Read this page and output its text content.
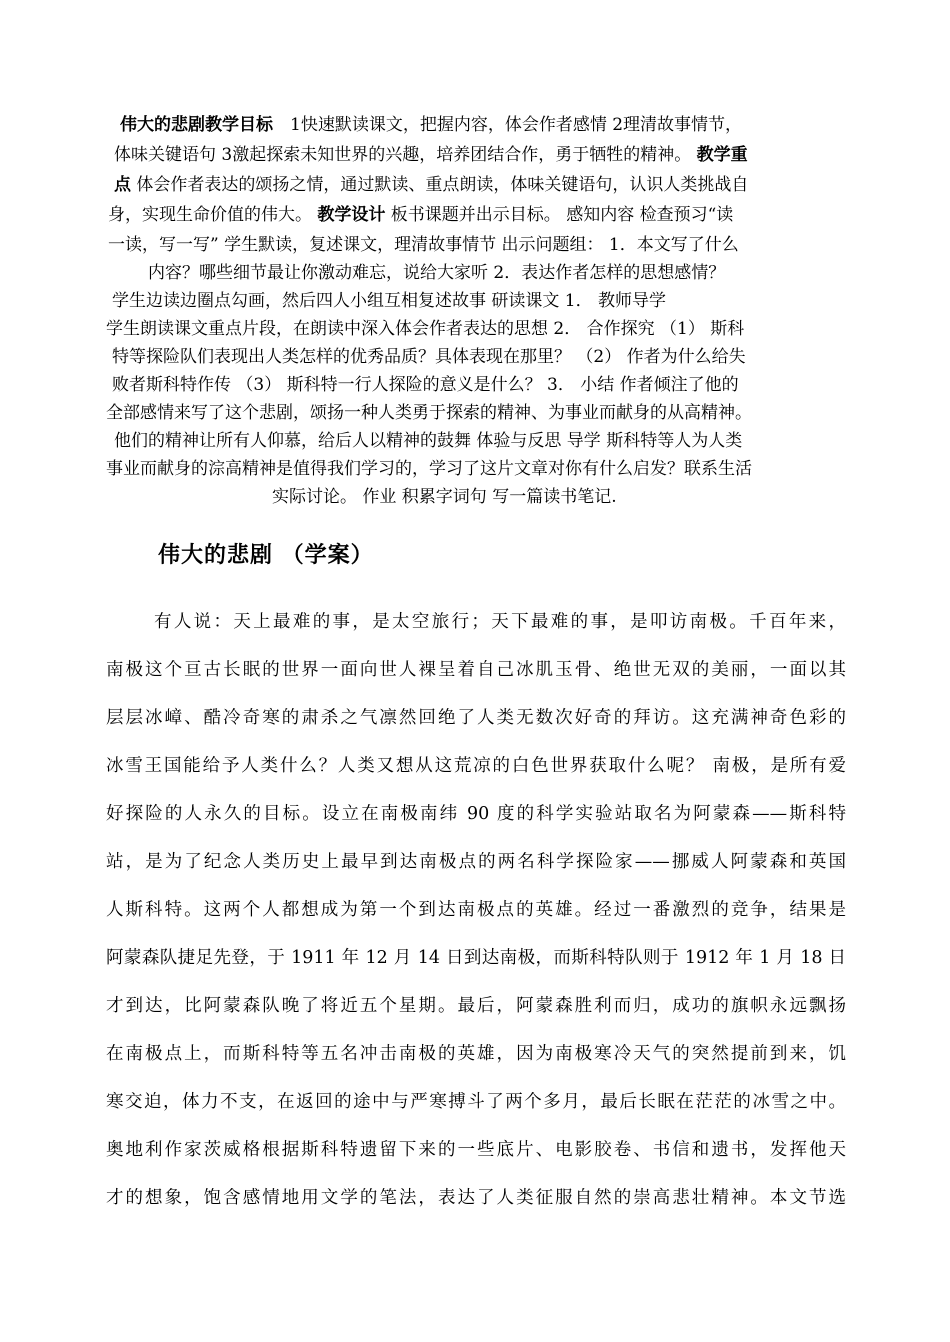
伟大的悲剧教学目标　1快速默读课文，把握内容，体会作者感情 2理清故事情节，
体味关键语句 3激起探索未知世界的兴趣，培养团结合作，勇于牺牲的精神。 教学重
点 体会作者表达的颂扬之情，通过默读、重点朗读，体味关键语句，认识人类挑战自
身，实现生命价值的伟大。 教学设计 板书课题并出示目标。 感知内容 检查预习“读
一读，写一写” 学生默读，复述课文，理清故事情节 出示问题组： 1．本文写了什么
内容？哪些细节最让你激动难忘，说给大家听 2．表达作者怎样的思想感情？
学生边读边圈点勾画，然后四人小组互相复述故事 研读课文 1． 教师导学
学生朗读课文重点片段，在朗读中深入体会作者表达的思想 2． 合作探究 （1） 斯科
特等探险队们表现出人类怎样的优秀品质？具体表现在那里？ （2） 作者为什么给失
败者斯科特作传 （3） 斯科特一行人探险的意义是什么？ 3． 小结 作者倾注了他的
全部感情来写了这个悲剧，颂扬一种人类勇于探索的精神、为事业而献身的从高精神。
他们的精神让所有人仰慕，给后人以精神的鼓舞 体验与反思 导学 斯科特等人为人类
事业而献身的淙高精神是值得我们学习的，学习了这片文章对你有什么启发？联系生活
实际讨论。 作业 积累字词句 写一篇读书笔记.
伟大的悲剧 （学案）
有人说：天上最难的事，是太空旅行；天下最难的事，是叩访南极。千百年来，
南极这个亘古长眠的世界一面向世人裸呈着自己冰肌玉骨、绝世无双的美丽，一面以其
层层冰嶂、酷冷奇寒的肃杀之气凛然回绝了人类无数次好奇的拜访。这充满神奇色彩的
冰雪王国能给予人类什么？人类又想从这荒凉的白色世界获取什么呢？ 南极，是所有爱
好探险的人永久的目标。设立在南极南纬 90 度的科学实验站取名为阿蒙森——斯科特
站，是为了纪念人类历史上最早到达南极点的两名科学探险家——挪威人阿蒙森和英国
人斯科特。这两个人都想成为第一个到达南极点的英雄。经过一番激烈的竞争，结果是
阿蒙森队捷足先登，于 1911 年 12 月 14 日到达南极，而斯科特队则于 1912 年 1 月 18 日
才到达，比阿蒙森队晚了将近五个星期。最后，阿蒙森胜利而归，成功的旗帜永远飘扬
在南极点上，而斯科特等五名冲击南极的英雄，因为南极寒冷天气的突然提前到来，饥
寒交迫，体力不支，在返回的途中与严寒搏斗了两个多月，最后长眠在茫茫的冰雪之中。
奥地利作家茨威格根据斯科特遗留下来的一些底片、电影胶卷、书信和遗书，发挥他天
才的想象，饱含感情地用文学的笔法，表达了人类征服自然的崇高悲壮精神。本文节选
